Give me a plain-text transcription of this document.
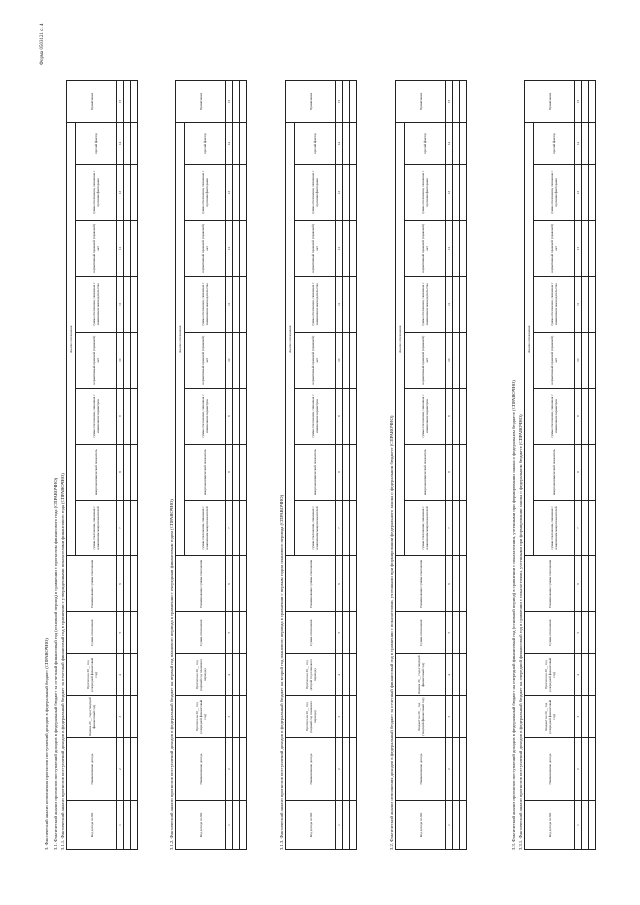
Форма 0503121 с. 4
3. Фактический анализ исполнения прогнозов поступлений доходов в федеральный бюджет (СПРАВОЧНО) 3.1. Фактический анализ прогнозов поступлений доходов в федеральный бюджет за отчетный финансовый год (основной период) в сравнении с прогнозом финансового года (СПРАВОЧНО) 3.1.1. Фактический анализ прогнозов поступлений доходов в федеральный бюджет за отчетный финансовый год в сравнении с утвержденными показателями финансового года (СПРАВОЧНО)	Код дохода по БК	Наименование дохода	Оценка 20__ года (текущий финансовый год)	Прогноз на 20__ год (очередной финансовый год)	Сумма отклонения	Наименование суммы отклонения	Анализ отклонения								Примечание
						сумма отклонения, связанная с изменением макропоказателей	макроэкономический показатель	сумма отклонения, связанная с изменением параметров	нормативный правовой (правовой) акт	сумма отклонения, связанная с изменением законодательства	нормативный правовой (правовой) акт	сумма отклонения, связанная с прочими факторами	прочий фактор	
1	2	3	4	5	6	7	8	9	10	11	12	13	14	15

3.1.2. Фактический анализ прогнозов поступлений доходов в федеральный бюджет на первый год планового периода в сравнении с очередным финансовым годом (СПРАВОЧНО)	Код дохода по БК	Наименование дохода	Прогноз на 20__ год (очередной финансовый год)	Прогноз на 20__ год (первый год планового периода)	Сумма отклонения	Наименование суммы отклонения	Анализ отклонения								Примечание
						сумма отклонения, связанная с изменением макропоказателей	макроэкономический показатель	сумма отклонения, связанная с изменением параметров	нормативный правовой (правовой) акт	сумма отклонения, связанная с изменением законодательства	нормативный правовой (правовой) акт	сумма отклонения, связанная с прочими факторами	прочий фактор	
1	2	3	4	5	6	7	8	9	10	11	12	13	14	15

3.1.3. Фактический анализ прогнозов поступлений доходов в федеральный бюджет на второй год планового периода в сравнении с первым годом планового периода (СПРАВОЧНО)	Код дохода по БК	Наименование дохода	Прогноз на 20__ год (первый год планового периода)	Прогноз на 20__ год (второй год планового периода)	Сумма отклонения	Наименование суммы отклонения	Анализ отклонения								Примечание
						сумма отклонения, связанная с изменением макропоказателей	макроэкономический показатель	сумма отклонения, связанная с изменением параметров	нормативный правовой (правовой) акт	сумма отклонения, связанная с изменением законодательства	нормативный правовой (правовой) акт	сумма отклонения, связанная с прочими факторами	прочий фактор	
1	2	3	4	5	6	7	8	9	10	11	12	13	14	15

3.2. Фактический анализ исполнения доходов в федеральный бюджет за отчетный финансовый год в сравнении с показателями, учтенными при формировании федерального закона о федеральном бюджете (СПРАВОЧНО)	Код дохода по БК	Наименование дохода	Бюджет на 20__ год (текущий финансовый год)	Оценка 20__ года (текущий финансовый год)	Сумма отклонения	Наименование суммы отклонения	Анализ отклонения								Примечание
						сумма отклонения, связанная с изменением макропоказателей	макроэкономический показатель	сумма отклонения, связанная с изменением параметров	нормативный правовой (правовой) акт	сумма отклонения, связанная с изменением законодательства	нормативный правовой (правовой) акт	сумма отклонения, связанная с прочими факторами	прочий фактор	
1	2	3	4	5	6	7	8	9	10	11	12	13	14	15

3.3. Фактический анализ прогнозов поступлений доходов в федеральный бюджет на очередной финансовый год (основной период) в сравнении с показателями, учтенными при формировании закона о федеральном бюджете (СПРАВОЧНО) 3.3.1. Фактический анализ прогнозов поступлений доходов в федеральный бюджет на очередной финансовый год в сравнении с показателями, учтенными при формировании закона о федеральном бюджете (СПРАВОЧНО)	Код дохода по БК	Наименование дохода	Бюджет на 20__ год (очередной финансовый год)	Прогноз на 20__ год (очередной финансовый год)	Сумма отклонения	Наименование суммы отклонения	Анализ отклонения								Примечание
						сумма отклонения, связанная с изменением макропоказателей	макроэкономический показатель	сумма отклонения, связанная с изменением параметров	нормативный правовой (правовой) акт	сумма отклонения, связанная с изменением законодательства	нормативный правовой (правовой) акт	сумма отклонения, связанная с прочими факторами	прочий фактор	
1	2	3	4	5	6	7	8	9	10	11	12	13	14	15
